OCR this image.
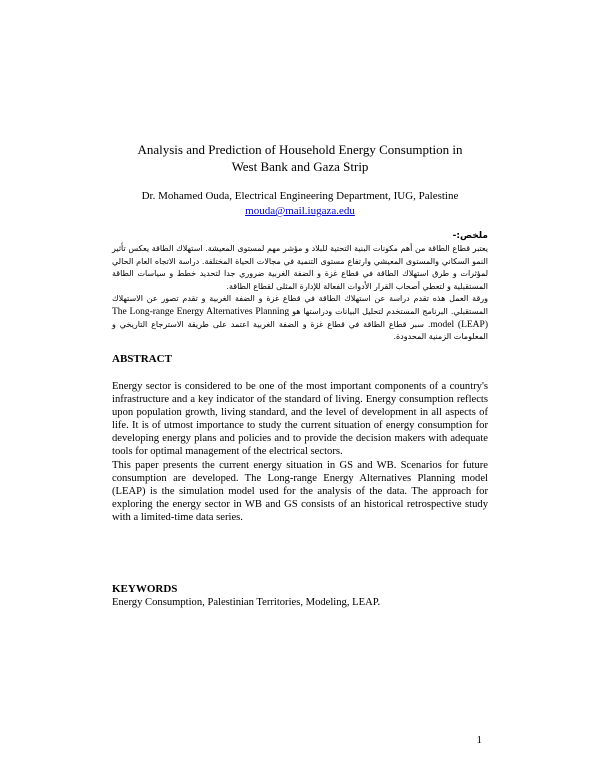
Analysis and Prediction of Household Energy Consumption in
West Bank and Gaza Strip
Dr. Mohamed Ouda, Electrical Engineering Department, IUG, Palestine
mouda@mail.iugaza.edu

ملخص:-

يعتبر قطاع الطاقة من أهم مكونات البنية التحتية للبلاد و مؤشر مهم لمستوى المعيشة. استهلاك الطاقة يعكس تأثير النمو السكاني والمستوى المعيشي وارتفاع مستوى التنمية في مجالات الحياة المختلفة. دراسة الاتجاه العام الحالي لمؤثرات و طرق استهلاك الطاقة في قطاع غزة و الضفة الغربية ضروري جدا لتحديد خطط و سياسات الطاقة المستقبلية و لتعطي أصحاب القرار الأدوات الفعالة للإدارة المثلى لقطاع الطاقة.

ورقة العمل هذه تقدم دراسة عن استهلاك الطاقة في قطاع غزة و الضفة الغربية و تقدم تصور عن الاستهلاك المستقبلي. البرنامج المستخدم لتحليل البيانات ودراستها هو The Long-range Energy Alternatives Planning model (LEAP). سبر قطاع الطاقة في قطاع غزة و الضفة الغربية اعتمد على طريقة الاسترجاع التاريخي و المعلومات الزمنية المحدودة.

ABSTRACT

Energy sector is considered to be one of the most important components of a country's infrastructure and a key indicator of the standard of living. Energy consumption reflects upon population growth, living standard, and the level of development in all aspects of life. It is of utmost importance to study the current situation of energy consumption for developing energy plans and policies and to provide the decision makers with adequate tools for optimal management of the electrical sectors.

This paper presents the current energy situation in GS and WB. Scenarios for future consumption are developed. The Long-range Energy Alternatives Planning model (LEAP) is the simulation model used for the analysis of the data. The approach for exploring the energy sector in WB and GS consists of an historical retrospective study with a limited-time data series.

KEYWORDS
Energy Consumption, Palestinian Territories, Modeling, LEAP.
1
